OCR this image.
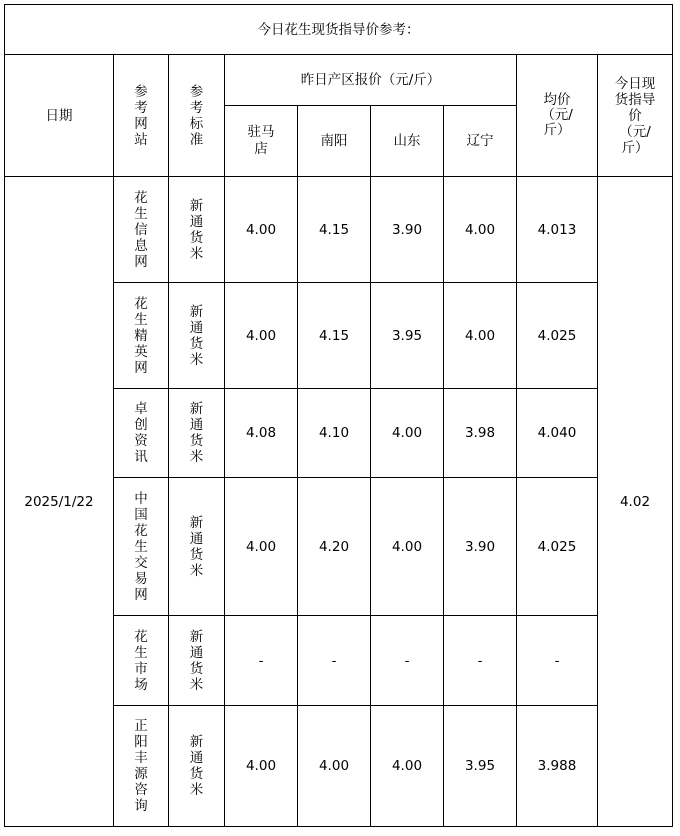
今日花生现货指导价参考：								
日期	参考网站	参考标准	昨日产区报价（元/斤）				均价（元/斤）	今日现货指导价（元/斤）
			驻马店	南阳	山东	辽宁		
2025/1/22	花生信息网	新通货米	4.00	4.15	3.90	4.00	4.013	4.02
	花生精英网	新通货米	4.00	4.15	3.95	4.00	4.025	
	卓创资讯	新通货米	4.08	4.10	4.00	3.98	4.040	
	中国花生交易网	新通货米	4.00	4.20	4.00	3.90	4.025	
	花生市场	新通货米	-	-	-	-	-	
	正阳丰源咨询	新通货米	4.00	4.00	4.00	3.95	3.988	
